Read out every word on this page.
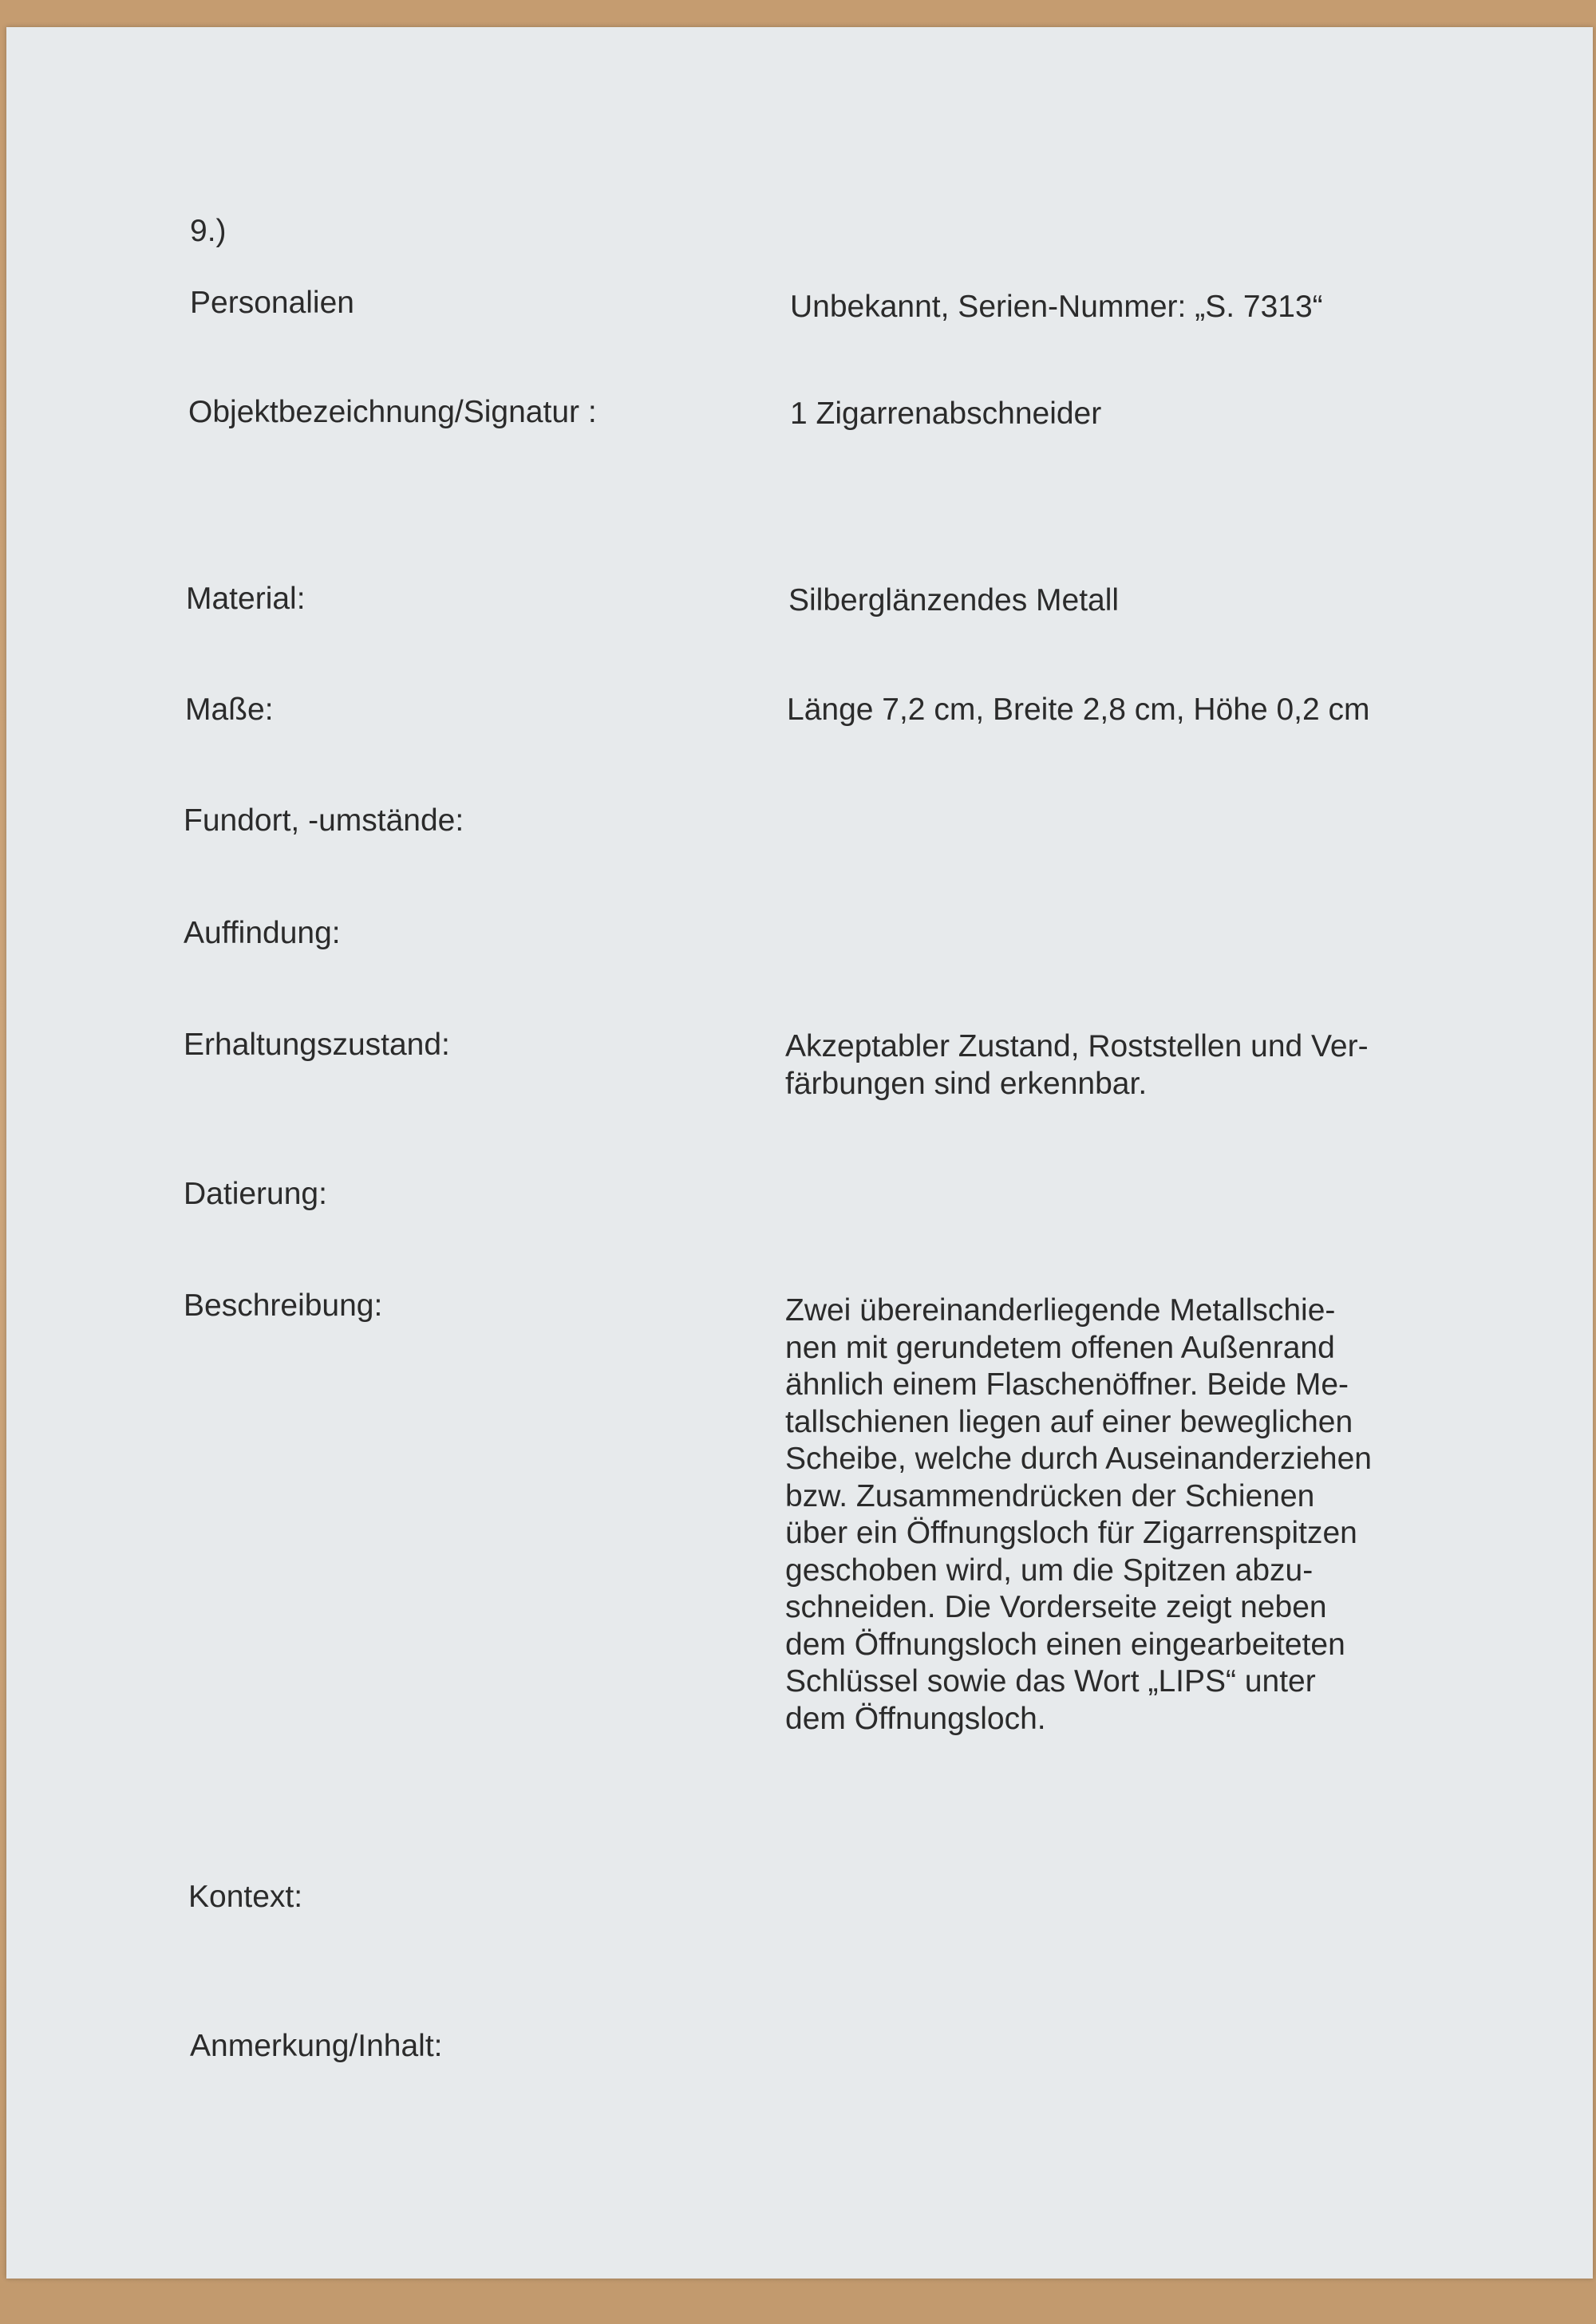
9.)
Personalien	Unbekannt, Serien-Nummer: „S. 7313“
Objektbezeichnung/Signatur :	1 Zigarrenabschneider
Material:	Silberglänzendes Metall
Maße:	Länge 7,2 cm, Breite 2,8 cm, Höhe 0,2 cm
Fundort, -umstände:
Auffindung:
Erhaltungszustand:	Akzeptabler Zustand, Roststellen und Ver-
färbungen sind erkennbar.
Datierung:
Beschreibung:	Zwei übereinanderliegende Metallschie-
nen mit gerundetem offenen Außenrand
ähnlich einem Flaschenöffner. Beide Me-
tallschienen liegen auf einer beweglichen
Scheibe, welche durch Auseinanderziehen
bzw. Zusammendrücken der Schienen
über ein Öffnungsloch für Zigarrenspitzen
geschoben wird, um die Spitzen abzu-
schneiden. Die Vorderseite zeigt neben
dem Öffnungsloch einen eingearbeiteten
Schlüssel sowie das Wort „LIPS“ unter
dem Öffnungsloch.
Kontext:
Anmerkung/Inhalt:
